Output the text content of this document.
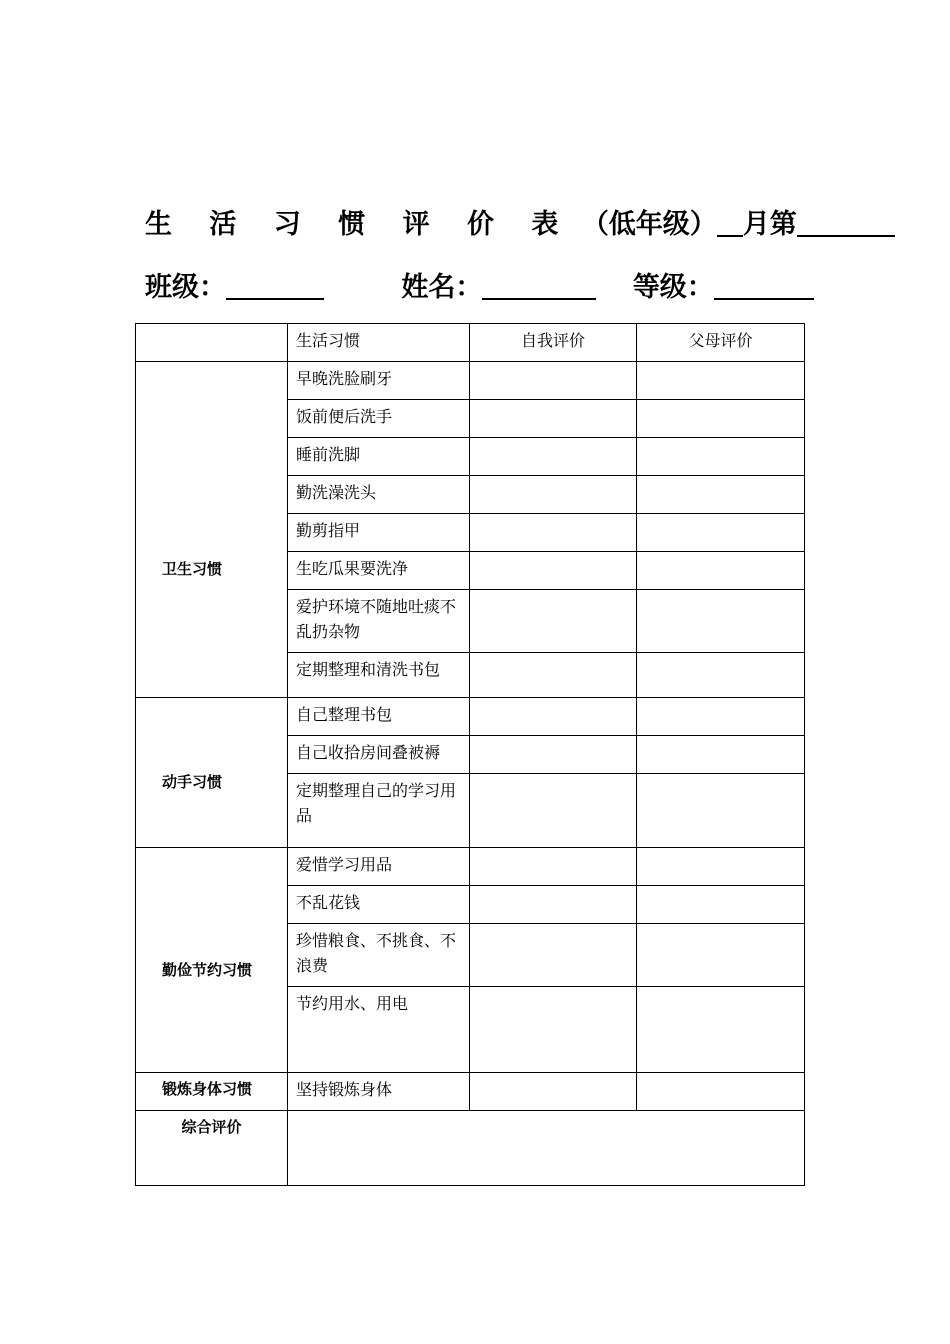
生 活 习 惯 评 价 表 （低年级） 月第
班级：	姓名：	等级：
	生活习惯	自我评价	父母评价
卫生习惯	早晚洗脸刷牙		
	饭前便后洗手		
	睡前洗脚		
	勤洗澡洗头		
	勤剪指甲		
	生吃瓜果要洗净		
	爱护环境不随地吐痰不乱扔杂物		
	定期整理和清洗书包		
动手习惯	自己整理书包		
	自己收拾房间叠被褥		
	定期整理自己的学习用品		
勤俭节约习惯	爱惜学习用品		
	不乱花钱		
	珍惜粮食、不挑食、不浪费		
	节约用水、用电		
锻炼身体习惯	坚持锻炼身体		
综合评价			
